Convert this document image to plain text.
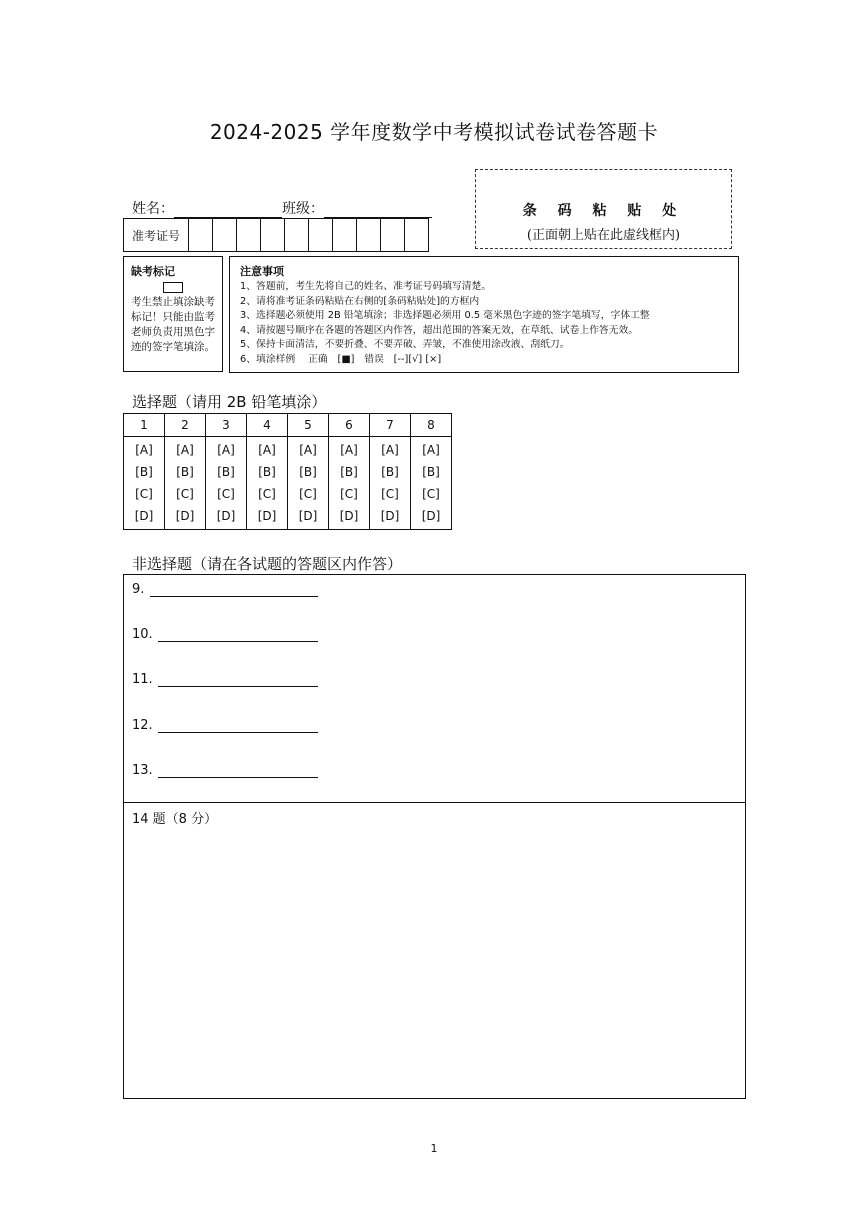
2024-2025 学年度数学中考模拟试卷试卷答题卡
姓名：	班级：	条 码 粘 贴 处
(正面朝上贴在此虚线框内)
准考证号										
缺考标记
考生禁止填涂缺考标记！只能由监考老师负责用黑色字迹的签字笔填涂。
注意事项
1、答题前，考生先将自己的姓名、准考证号码填写清楚。
2、请将准考证条码粘贴在右侧的[条码粘贴处]的方框内
3、选择题必须使用 2B 铅笔填涂；非选择题必须用 0.5 毫米黑色字迹的签字笔填写，字体工整
4、请按题号顺序在各题的答题区内作答，超出范围的答案无效，在草纸、试卷上作答无效。
5、保持卡面清洁，不要折叠、不要弄破、弄皱，不准使用涂改液、刮纸刀。
6、填涂样例　 正确　[■]　错误　[--][√] [×]
选择题（请用 2B 铅笔填涂）
1	2	3	4	5	6	7	8
[A]	[A]	[A]	[A]	[A]	[A]	[A]	[A]
[B]	[B]	[B]	[B]	[B]	[B]	[B]	[B]
[C]	[C]	[C]	[C]	[C]	[C]	[C]	[C]
[D]	[D]	[D]	[D]	[D]	[D]	[D]	[D]
非选择题（请在各试题的答题区内作答）
9.
10.
11.
12.
13.
14 题（8 分）
1
